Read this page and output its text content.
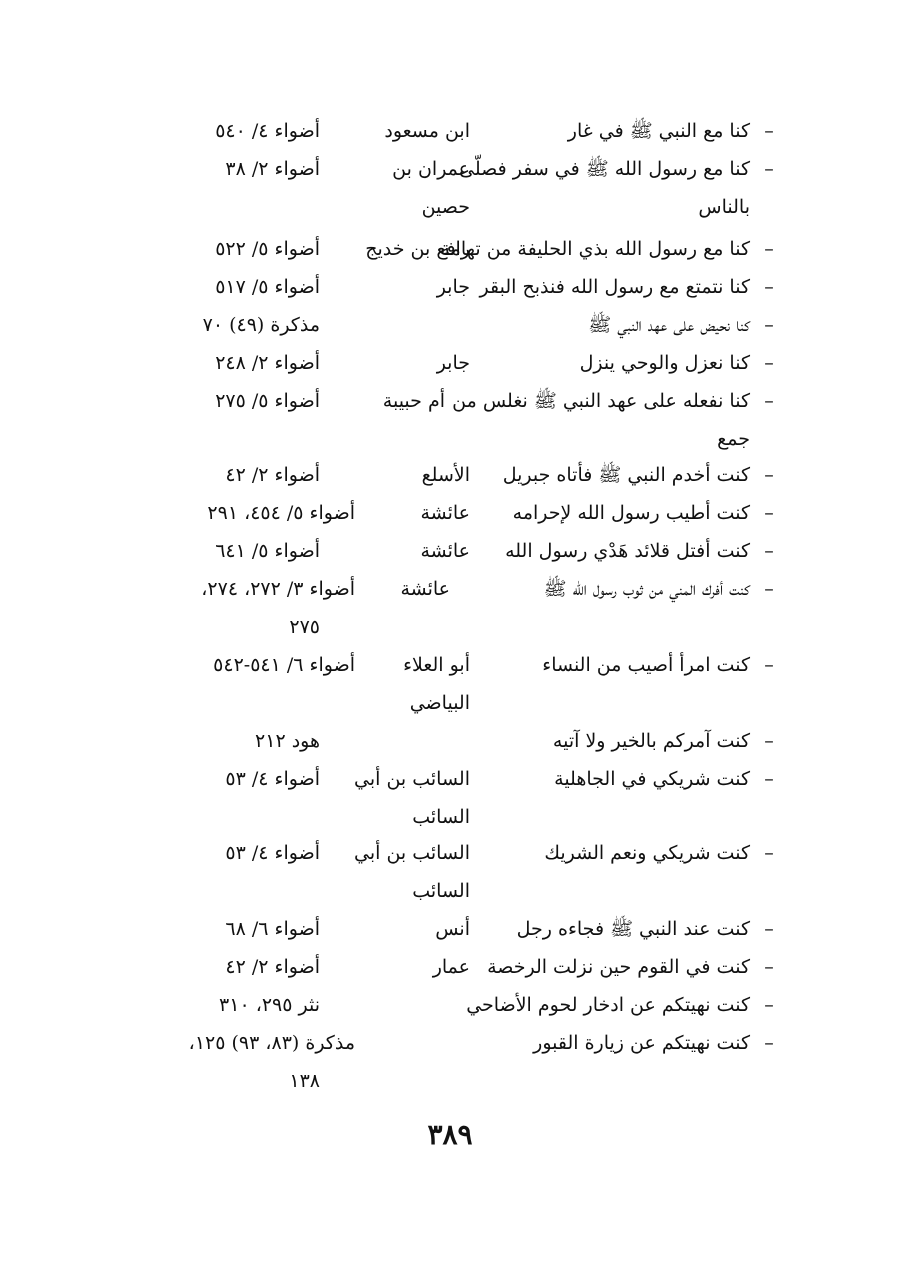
–
كنا مع النبي ﷺ في غار
ابن مسعود
أضواء ٤/ ٥٤٠
–
كنا مع رسول الله ﷺ في سفر فصلّى
عمران بن
أضواء ٢/ ٣٨
حصين
–
كنا مع رسول الله بذي الحليفة من تهامة
رافع بن خديج
أضواء ٥/ ٥٢٢
–
كنا نتمتع مع رسول الله فنذبح البقر
جابر
أضواء ٥/ ٥١٧
–
كنا نحيض على عهد النبي ﷺ
مذكرة (٤٩) ٧٠
–
كنا نعزل والوحي ينزل
جابر
أضواء ٢/ ٢٤٨
–
كنا نفعله على عهد النبي ﷺ نغلس من
أم حبيبة
أضواء ٥/ ٢٧٥
جمع
–
كنت أخدم النبي ﷺ فأتاه جبريل
الأسلع
أضواء ٢/ ٤٢
–
كنت أطيب رسول الله لإحرامه
عائشة
أضواء ٥/ ٤٥٤، ٢٩١
–
كنت أفتل قلائد هَدْي رسول الله
عائشة
أضواء ٥/ ٦٤١
–
كنت أفرك المني من ثوب رسول الله ﷺ
عائشة
أضواء ٣/ ٢٧٢، ٢٧٤،
٢٧٥
–
كنت امرأ أصيب من النساء
أبو العلاء
أضواء ٦/ ٥٤١-٥٤٢
البياضي
–
كنت آمركم بالخير ولا آتيه
هود ٢١٢
–
كنت شريكي في الجاهلية
السائب بن أبي
أضواء ٤/ ٥٣
السائب
–
كنت شريكي ونعم الشريك
السائب بن أبي
أضواء ٤/ ٥٣
السائب
–
كنت عند النبي ﷺ فجاءه رجل
أنس
أضواء ٦/ ٦٨
–
كنت في القوم حين نزلت الرخصة
عمار
أضواء ٢/ ٤٢
–
كنت نهيتكم عن ادخار لحوم الأضاحي
نثر ٢٩٥، ٣١٠
–
كنت نهيتكم عن زيارة القبور
مذكرة (٨٣، ٩٣) ١٢٥،
١٣٨
بالناس
٣٨٩
